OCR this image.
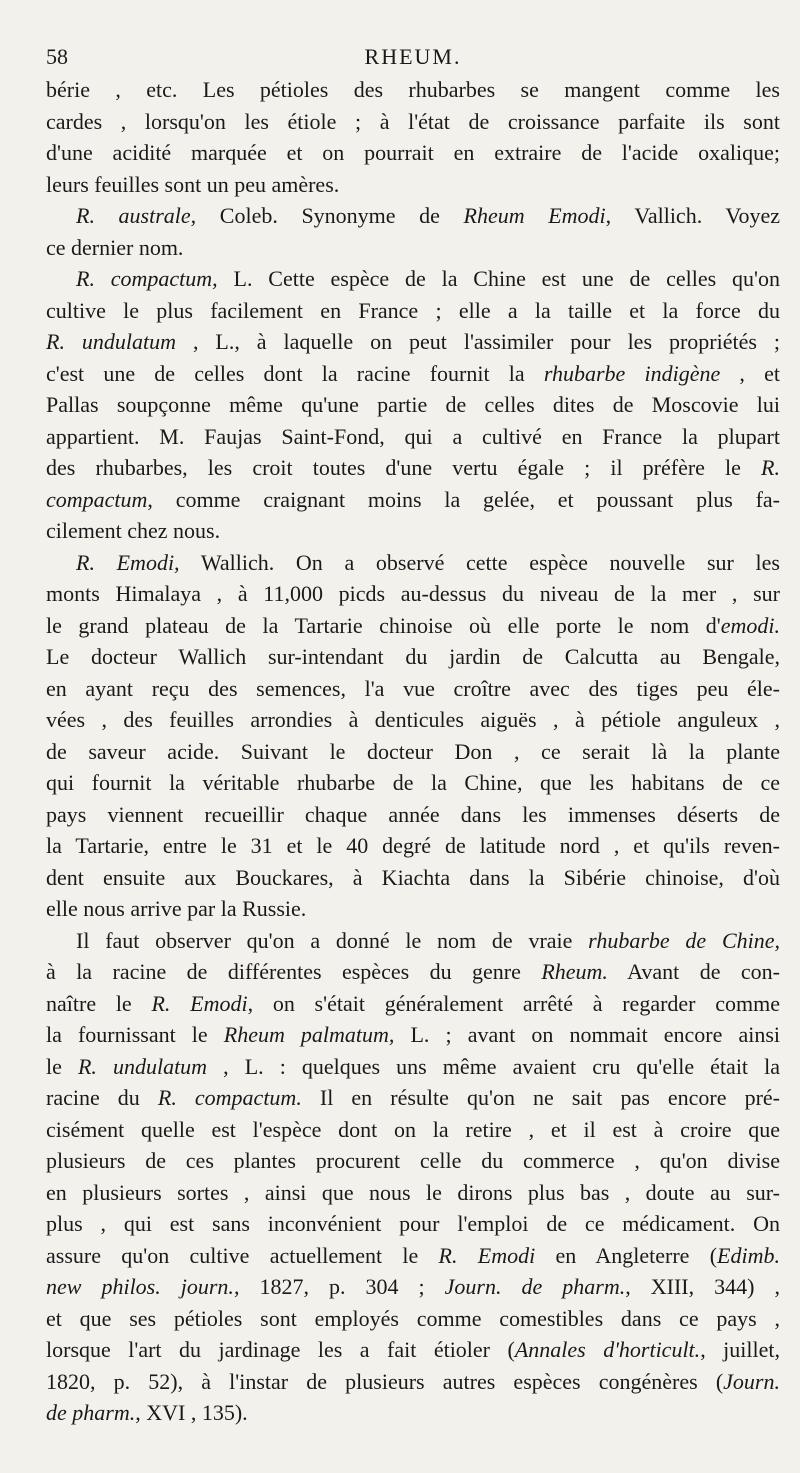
58	RHEUM.
bérie , etc. Les pétioles des rhubarbes se mangent comme les
cardes , lorsqu'on les étiole ; à l'état de croissance parfaite ils sont
d'une acidité marquée et on pourrait en extraire de l'acide oxalique;
leurs feuilles sont un peu amères.
R. australe, Coleb. Synonyme de Rheum Emodi, Vallich. Voyez
ce dernier nom.
R. compactum, L. Cette espèce de la Chine est une de celles qu'on
cultive le plus facilement en France ; elle a la taille et la force du
R. undulatum , L., à laquelle on peut l'assimiler pour les propriétés ;
c'est une de celles dont la racine fournit la rhubarbe indigène , et
Pallas soupçonne même qu'une partie de celles dites de Moscovie lui
appartient. M. Faujas Saint-Fond, qui a cultivé en France la plupart
des rhubarbes, les croit toutes d'une vertu égale ; il préfère le R.
compactum, comme craignant moins la gelée, et poussant plus fa-
cilement chez nous.
R. Emodi, Wallich. On a observé cette espèce nouvelle sur les
monts Himalaya , à 11,000 picds au-dessus du niveau de la mer , sur
le grand plateau de la Tartarie chinoise où elle porte le nom d'emodi.
Le docteur Wallich sur-intendant du jardin de Calcutta au Bengale,
en ayant reçu des semences, l'a vue croître avec des tiges peu éle-
vées , des feuilles arrondies à denticules aiguës , à pétiole anguleux ,
de saveur acide. Suivant le docteur Don , ce serait là la plante
qui fournit la véritable rhubarbe de la Chine, que les habitans de ce
pays viennent recueillir chaque année dans les immenses déserts de
la Tartarie, entre le 31 et le 40 degré de latitude nord , et qu'ils reven-
dent ensuite aux Bouckares, à Kiachta dans la Sibérie chinoise, d'où
elle nous arrive par la Russie.
Il faut observer qu'on a donné le nom de vraie rhubarbe de Chine,
à la racine de différentes espèces du genre Rheum. Avant de con-
naître le R. Emodi, on s'était généralement arrêté à regarder comme
la fournissant le Rheum palmatum, L. ; avant on nommait encore ainsi
le R. undulatum , L. : quelques uns même avaient cru qu'elle était la
racine du R. compactum. Il en résulte qu'on ne sait pas encore pré-
cisément quelle est l'espèce dont on la retire , et il est à croire que
plusieurs de ces plantes procurent celle du commerce , qu'on divise
en plusieurs sortes , ainsi que nous le dirons plus bas , doute au sur-
plus , qui est sans inconvénient pour l'emploi de ce médicament. On
assure qu'on cultive actuellement le R. Emodi en Angleterre (Edimb.
new philos. journ., 1827, p. 304 ; Journ. de pharm., XIII, 344) ,
et que ses pétioles sont employés comme comestibles dans ce pays ,
lorsque l'art du jardinage les a fait étioler (Annales d'horticult., juillet,
1820, p. 52), à l'instar de plusieurs autres espèces congénères (Journ.
de pharm., XVI , 135).
